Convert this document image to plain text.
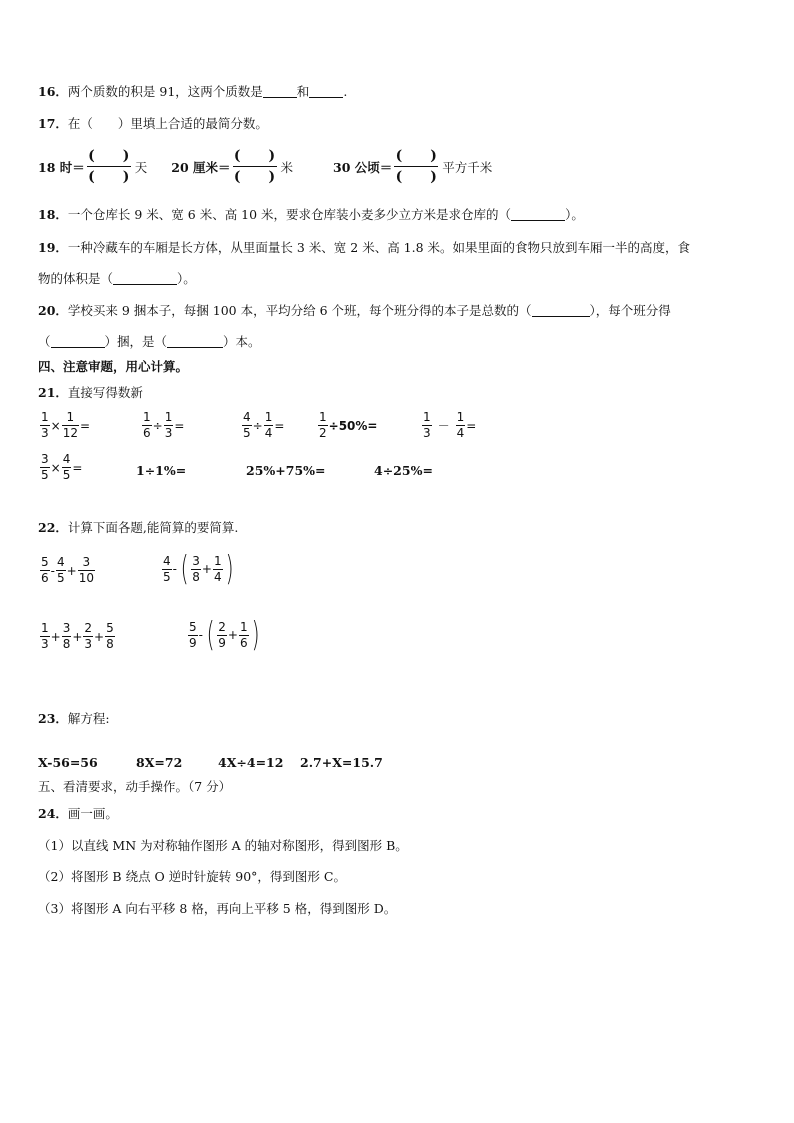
16．两个质数的积是 91，这两个质数是	和	.
17．在（　　）里填上合适的最简分数。
18 时＝
(　　)
(　　)
天 20 厘米＝
(　　)
(　　)
米	30 公顷＝
(　　)
(　　)
平方千米
18．一个仓库长 9 米、宽 6 米、高 10 米，要求仓库装小麦多少立方米是求仓库的（	）。
19．一种冷藏车的车厢是长方体，从里面量长 3 米、宽 2 米、高 1.8 米。如果里面的食物只放到车厢一半的高度，食
物的体积是（	）。
20．学校买来 9 捆本子，每捆 100 本，平均分给 6 个班，每个班分得的本子是总数的（	），每个班分得
（	）捆，是（	）本。
四、注意审题，用心计算。
21．直接写得数新
$\frac{1}{3} \times \frac{1}{12}$ =	$\frac{1}{6} \div \frac{1}{3}$ =	$\frac{4}{5} \div \frac{1}{4}$ =	$\frac{1}{2} \div 50\%=$	$\frac{1}{3} - \frac{1}{4}$ =
$\frac{3}{5} \times \frac{4}{5}$ =	1÷1%=	25%+75%=	4÷25%=
22．计算下面各题,能简算的要简算.
$\frac{5}{6} - \frac{4}{5} + \frac{3}{10}$	$\frac{4}{5}$ - ( $\frac{3}{8} + \frac{1}{4}$ )
$\frac{1}{3} + \frac{3}{8} + \frac{2}{3} + \frac{5}{8}$	$\frac{5}{9}$ - ( $\frac{2}{9} + \frac{1}{6}$ )
23．解方程:
X-56=56	8X=72	4X÷4=12 2.7+X=15.7
五、看清要求，动手操作。（7 分）
24．画一画。
（1）以直线 MN 为对称轴作图形 A 的轴对称图形，得到图形 B。
（2）将图形 B 绕点 O 逆时针旋转 90°，得到图形 C。
（3）将图形 A 向右平移 8 格，再向上平移 5 格，得到图形 D。
